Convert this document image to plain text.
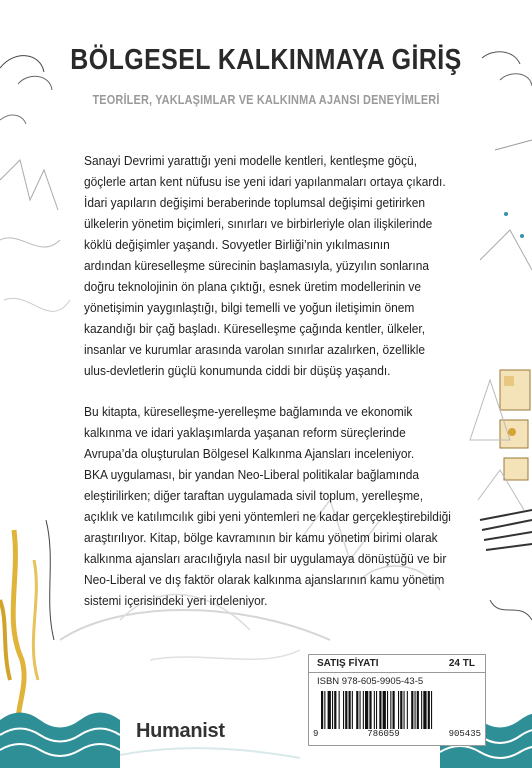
BÖLGESEL KALKINMAYA GİRİŞ
TEORİLER, YAKLAŞIMLAR VE KALKINMA AJANSI DENEYİMLERİ

Sanayi Devrimi yarattığı yeni modelle kentleri, kentleşme göçü,

göçlerle artan kent nüfusu ise yeni idari yapılanmaları ortaya çıkardı.

İdari yapıların değişimi beraberinde toplumsal değişimi getirirken

ülkelerin yönetim biçimleri, sınırları ve birbirleriyle olan ilişkilerinde

köklü değişimler yaşandı. Sovyetler Birliği’nin yıkılmasının

ardından küreselleşme sürecinin başlamasıyla, yüzyılın sonlarına

doğru teknolojinin ön plana çıktığı, esnek üretim modellerinin ve

yönetişimin yaygınlaştığı, bilgi temelli ve yoğun iletişimin önem

kazandığı bir çağ başladı. Küreselleşme çağında kentler, ülkeler,

insanlar ve kurumlar arasında varolan sınırlar azalırken, özellikle

ulus-devletlerin güçlü konumunda ciddi bir düşüş yaşandı.

Bu kitapta, küreselleşme-yerelleşme bağlamında ve ekonomik

kalkınma ve idari yaklaşımlarda yaşanan reform süreçlerinde

Avrupa’da oluşturulan Bölgesel Kalkınma Ajansları inceleniyor.

BKA uygulaması, bir yandan Neo-Liberal politikalar bağlamında

eleştirilirken; diğer taraftan uygulamada sivil toplum, yerelleşme,

açıklık ve katılımcılık gibi yeni yöntemleri ne kadar gerçekleştirebildiği

araştırılıyor. Kitap, bölge kavramının bir kamu yönetim birimi olarak

kalkınma ajansları aracılığıyla nasıl bir uygulamaya dönüştüğü ve bir

Neo-Liberal ve dış faktör olarak kalkınma ajanslarının kamu yönetim

sistemi içerisindeki yeri irdeleniyor.

Humanist
SATIŞ FİYATI	24 TL
ISBN 978-605-9905-43-5
9	786059	905435
